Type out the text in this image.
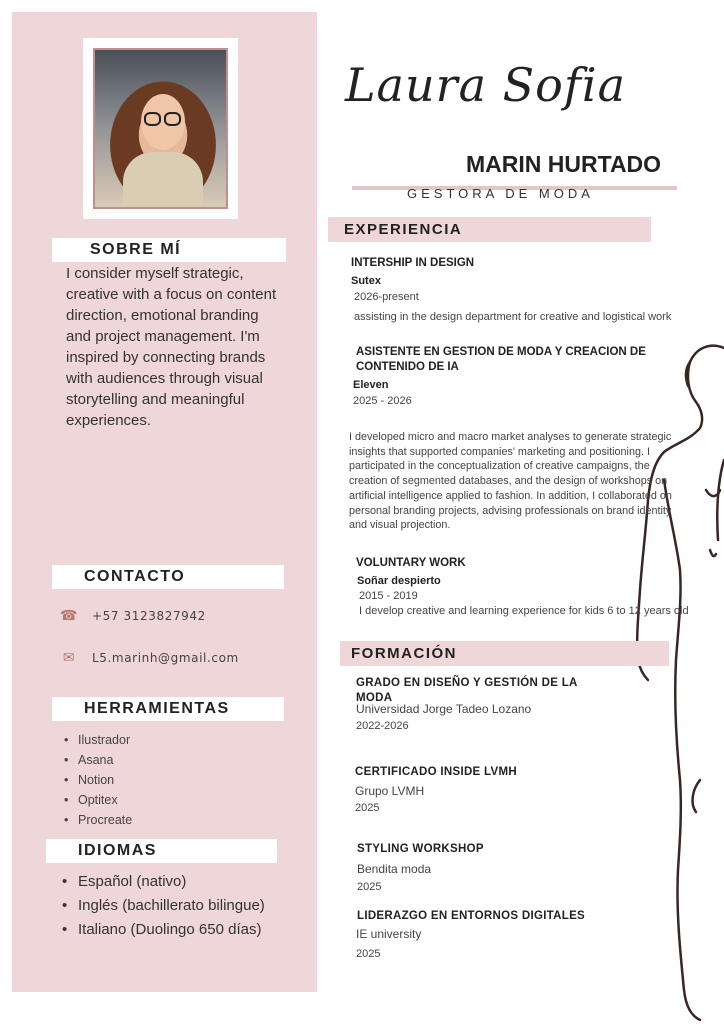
SOBRE MÍ
I consider myself strategic, creative with a focus on content direction, emotional branding and project management. I'm inspired by connecting brands with audiences through visual storytelling and meaningful experiences.
CONTACTO
☎ +57 3123827942
✉	L5.marinh@gmail.com
HERRAMIENTAS
• Ilustrador
• Asana
• Notion
• Optitex
• Procreate
IDIOMAS
• Español (nativo)
• Inglés (bachillerato bilingue)
• Italiano (Duolingo 650 días)
Laura Sofia
MARIN HURTADO
GESTORA DE MODA
EXPERIENCIA
INTERSHIP IN DESIGN
Sutex
2026-present
assisting in the design department for creative and logistical work
ASISTENTE EN GESTION DE MODA Y CREACION DE CONTENIDO DE IA
Eleven
2025 - 2026
I developed micro and macro market analyses to generate strategic insights that supported companies' marketing and positioning. I participated in the conceptualization of creative campaigns, the creation of segmented databases, and the design of workshops on artificial intelligence applied to fashion. In addition, I collaborated on personal branding projects, advising professionals on brand identity and visual projection.
VOLUNTARY WORK
Soñar despierto
2015 - 2019
I develop creative and learning experience for kids 6 to 12 years old
FORMACIÓN
GRADO EN DISEÑO Y GESTIÓN DE LA MODA
Universidad Jorge Tadeo Lozano
2022-2026
CERTIFICADO INSIDE LVMH
Grupo LVMH
2025
STYLING WORKSHOP
Bendita moda
2025
LIDERAZGO EN ENTORNOS DIGITALES
IE university
2025
